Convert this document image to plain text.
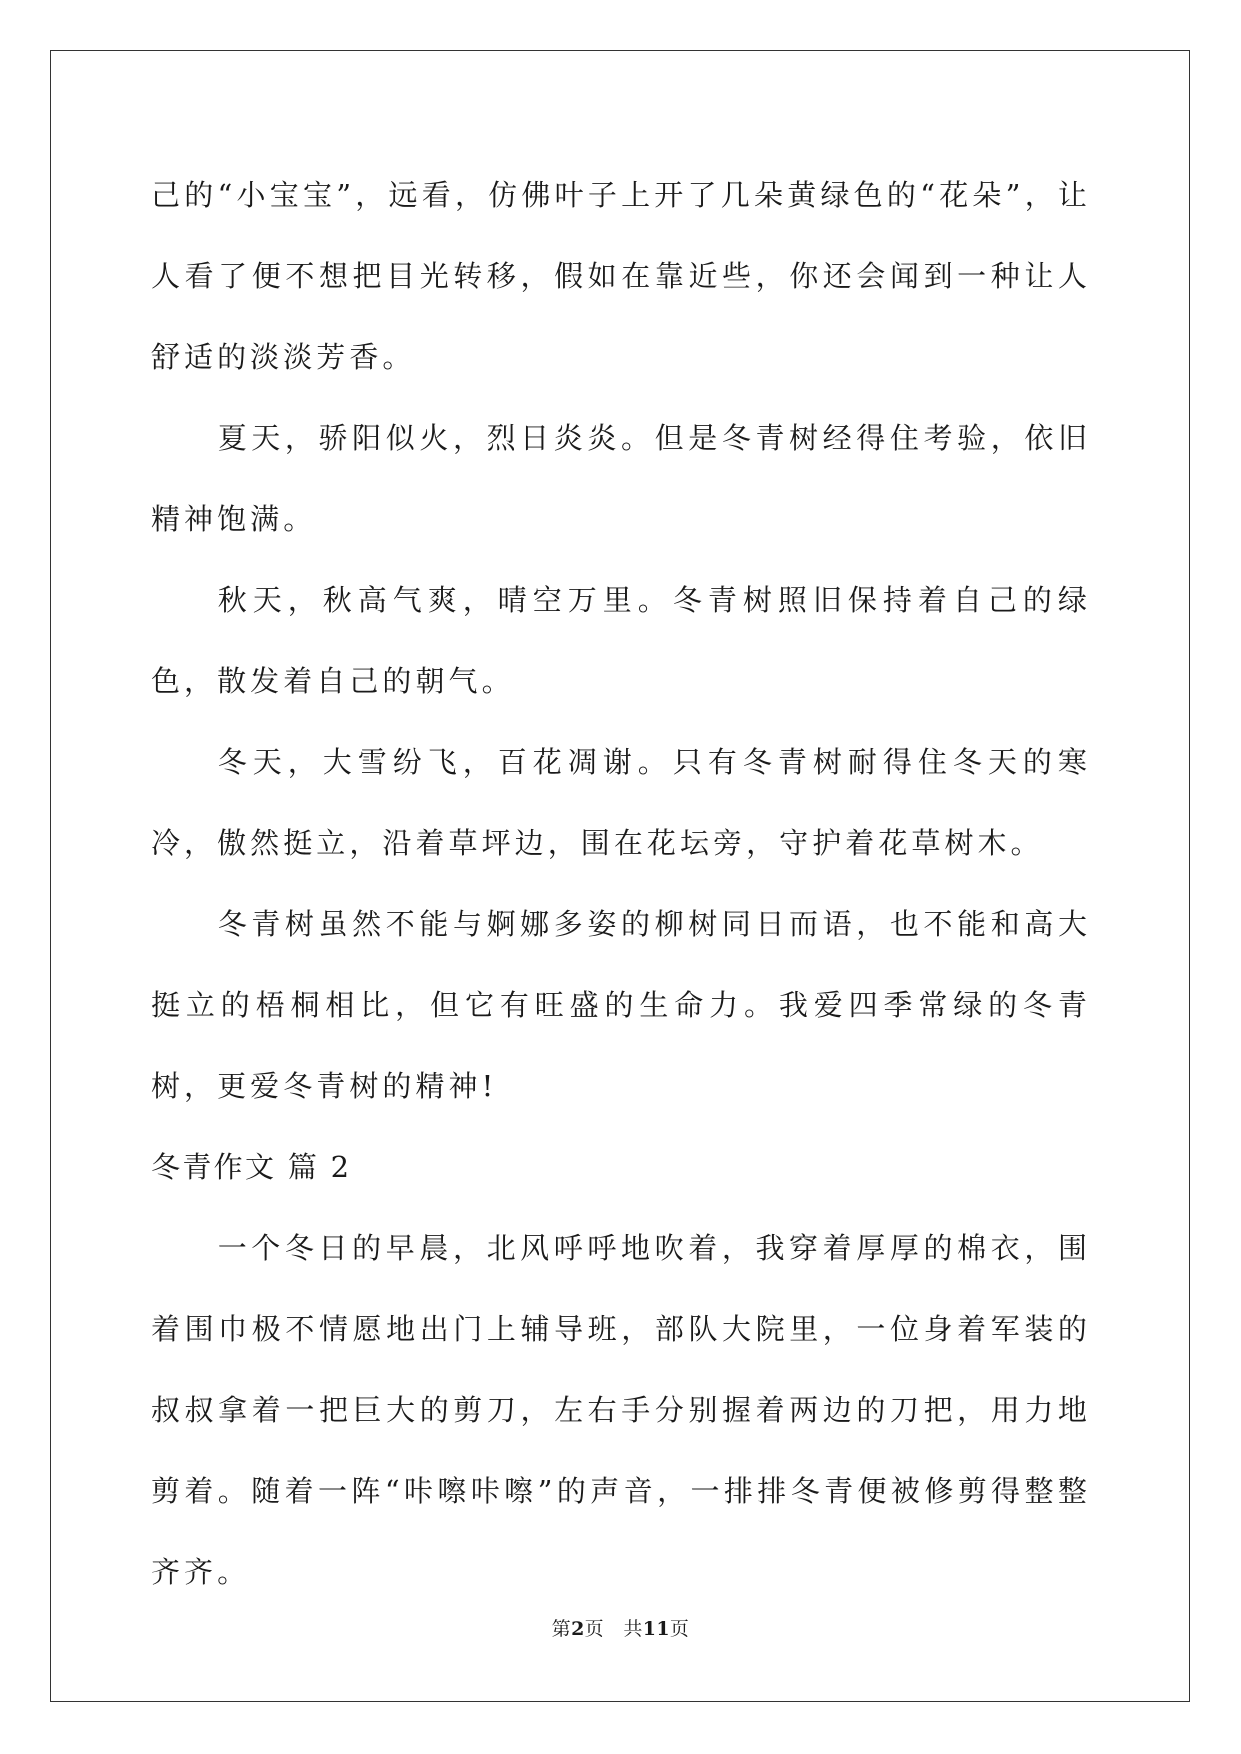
己的“小宝宝”，远看，仿佛叶子上开了几朵黄绿色的“花朵”，让人看了便不想把目光转移，假如在靠近些，你还会闻到一种让人舒适的淡淡芳香。

夏天，骄阳似火，烈日炎炎。但是冬青树经得住考验，依旧精神饱满。

秋天，秋高气爽，晴空万里。冬青树照旧保持着自己的绿色，散发着自己的朝气。

冬天，大雪纷飞，百花凋谢。只有冬青树耐得住冬天的寒冷，傲然挺立，沿着草坪边，围在花坛旁，守护着花草树木。

冬青树虽然不能与婀娜多姿的柳树同日而语，也不能和高大挺立的梧桐相比，但它有旺盛的生命力。我爱四季常绿的冬青树，更爱冬青树的精神!

冬青作文 篇 2

一个冬日的早晨，北风呼呼地吹着，我穿着厚厚的棉衣，围着围巾极不情愿地出门上辅导班，部队大院里，一位身着军装的叔叔拿着一把巨大的剪刀，左右手分别握着两边的刀把，用力地剪着。随着一阵“咔嚓咔嚓”的声音，一排排冬青便被修剪得整整齐齐。

第2页 共11页
